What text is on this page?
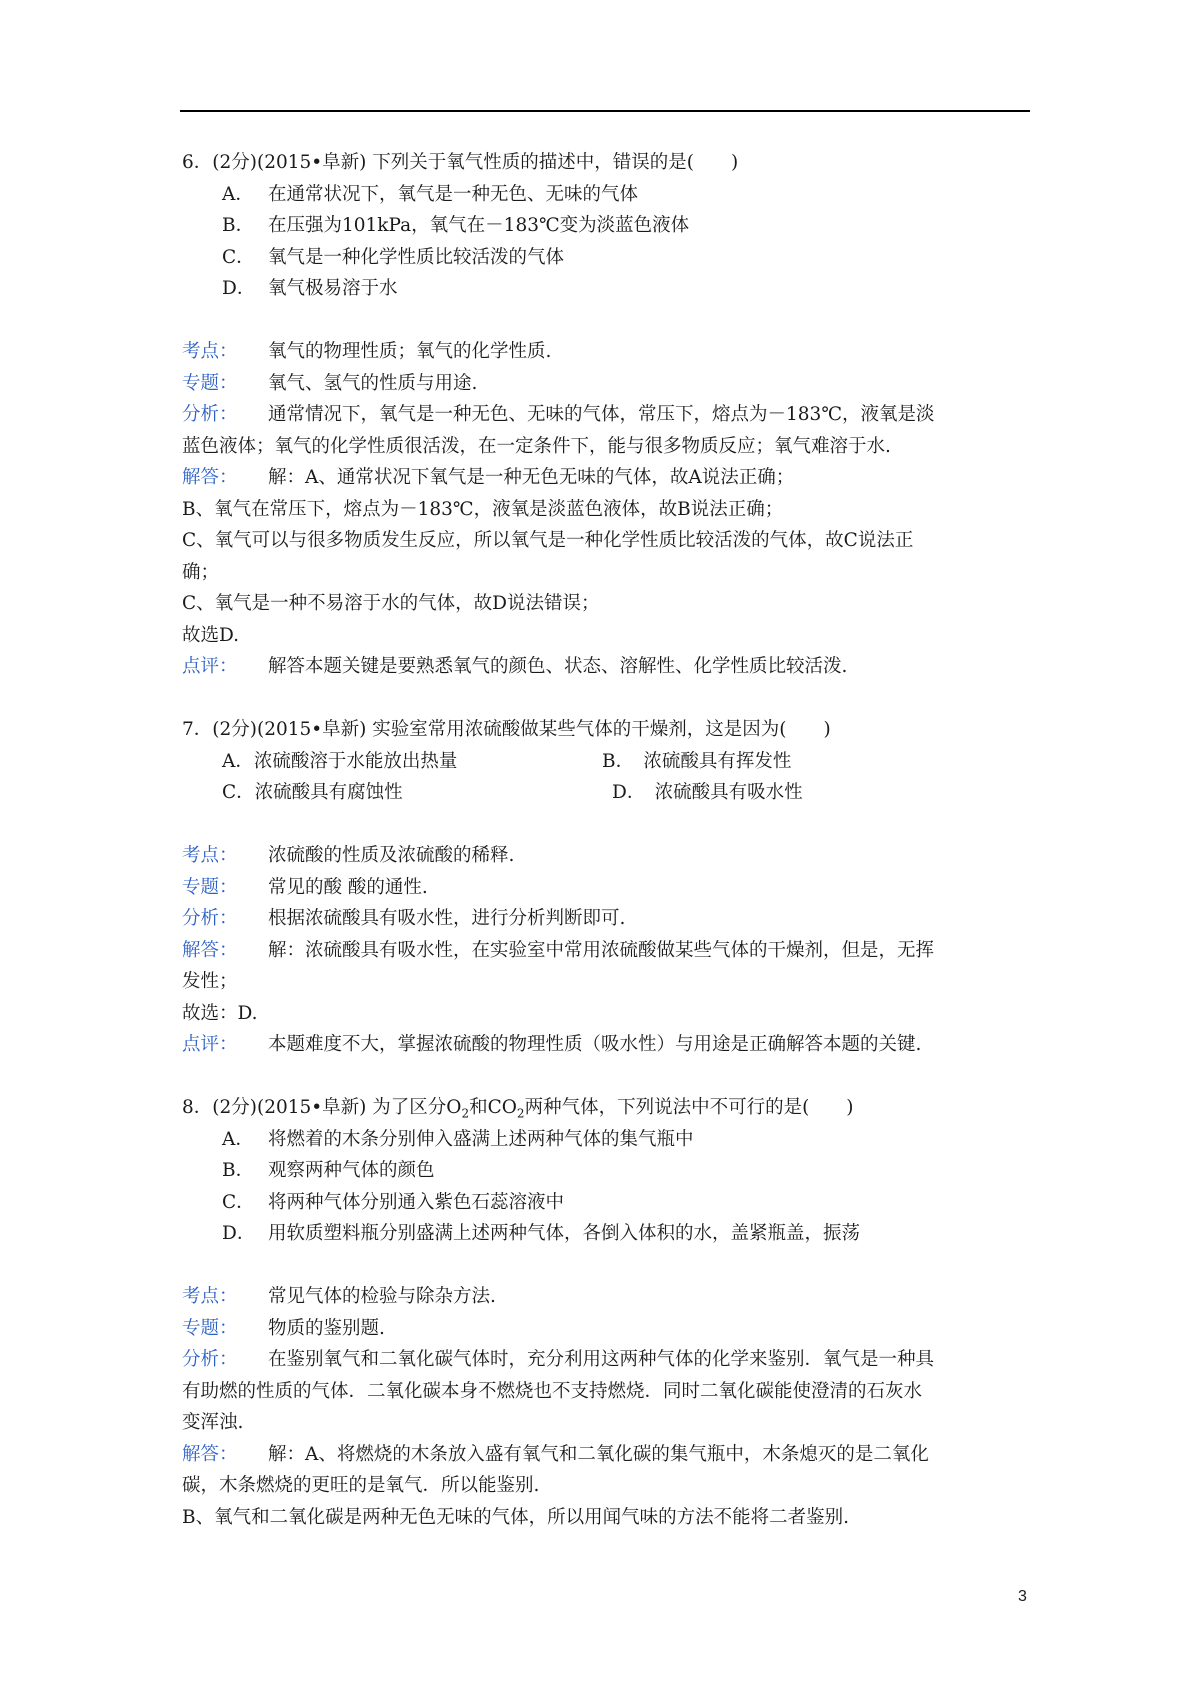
6．(2分)(2015•阜新) 下列关于氧气性质的描述中，错误的是(　　)
A． 在通常状况下，氧气是一种无色、无味的气体
B． 在压强为101kPa，氧气在－183℃变为淡蓝色液体
C． 氧气是一种化学性质比较活泼的气体
D． 氧气极易溶于水
考点： 氧气的物理性质；氧气的化学性质.
专题： 氧气、氢气的性质与用途.
分析： 通常情况下，氧气是一种无色、无味的气体，常压下，熔点为－183℃，液氧是淡
蓝色液体；氧气的化学性质很活泼，在一定条件下，能与很多物质反应；氧气难溶于水.
解答： 解：A、通常状况下氧气是一种无色无味的气体，故A说法正确；
B、氧气在常压下，熔点为－183℃，液氧是淡蓝色液体，故B说法正确；
C、氧气可以与很多物质发生反应，所以氧气是一种化学性质比较活泼的气体，故C说法正
确；
C、氧气是一种不易溶于水的气体，故D说法错误；
故选D.
点评： 解答本题关键是要熟悉氧气的颜色、状态、溶解性、化学性质比较活泼.
7．(2分)(2015•阜新) 实验室常用浓硫酸做某些气体的干燥剂，这是因为(　　)
A．浓硫酸溶于水能放出热量	B．　浓硫酸具有挥发性
C．浓硫酸具有腐蚀性	D．　浓硫酸具有吸水性
考点： 浓硫酸的性质及浓硫酸的稀释.
专题： 常见的酸 酸的通性.
分析： 根据浓硫酸具有吸水性，进行分析判断即可.
解答： 解：浓硫酸具有吸水性，在实验室中常用浓硫酸做某些气体的干燥剂，但是，无挥
发性；
故选：D.
点评： 本题难度不大，掌握浓硫酸的物理性质（吸水性）与用途是正确解答本题的关键.
8．(2分)(2015•阜新) 为了区分$O_2$和$CO_2$两种气体，下列说法中不可行的是(　　)
A． 将燃着的木条分别伸入盛满上述两种气体的集气瓶中
B． 观察两种气体的颜色
C． 将两种气体分别通入紫色石蕊溶液中
D． 用软质塑料瓶分别盛满上述两种气体，各倒入体积的水，盖紧瓶盖，振荡
考点： 常见气体的检验与除杂方法.
专题： 物质的鉴别题.
分析： 在鉴别氧气和二氧化碳气体时，充分利用这两种气体的化学来鉴别．氧气是一种具
有助燃的性质的气体．二氧化碳本身不燃烧也不支持燃烧．同时二氧化碳能使澄清的石灰水
变浑浊.
解答： 解：A、将燃烧的木条放入盛有氧气和二氧化碳的集气瓶中，木条熄灭的是二氧化
碳，木条燃烧的更旺的是氧气．所以能鉴别.
B、氧气和二氧化碳是两种无色无味的气体，所以用闻气味的方法不能将二者鉴别.
3
